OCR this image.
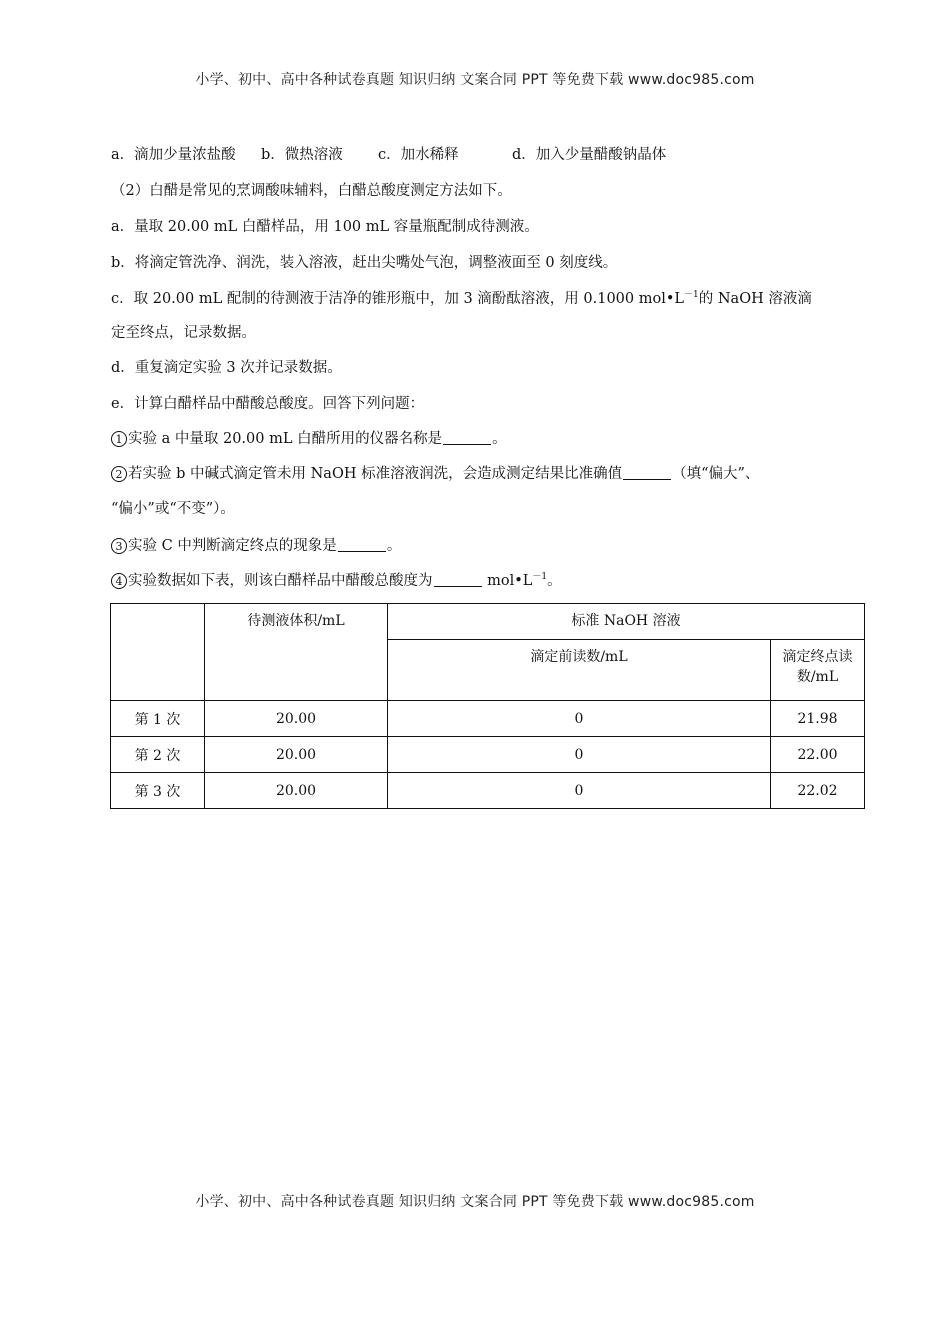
小学、初中、高中各种试卷真题 知识归纳 文案合同 PPT 等免费下载 www.doc985.com
a．滴加少量浓盐酸 b．微热溶液 c．加水稀释	d．加入少量醋酸钠晶体
（2）白醋是常见的烹调酸味辅料，白醋总酸度测定方法如下。
a．量取 20.00 mL 白醋样品，用 100 mL 容量瓶配制成待测液。
b．将滴定管洗净、润洗，装入溶液，赶出尖嘴处气泡，调整液面至 0 刻度线。
c．取 20.00 mL 配制的待测液于洁净的锥形瓶中，加 3 滴酚酞溶液，用 0.1000 $mol•L^{-1}$的 NaOH 溶液滴
定至终点，记录数据。
d．重复滴定实验 3 次并记录数据。
e．计算白醋样品中醋酸总酸度。回答下列问题：
1 实验 a 中量取 20.00 mL 白醋所用的仪器名称是	。
2 若实验 b 中碱式滴定管未用 NaOH 标准溶液润洗，会造成测定结果比准确值	（填“偏大”、
“偏小”或“不变”）。
3 实验 C 中判断滴定终点的现象是	。
4 实验数据如下表，则该白醋样品中醋酸总酸度为	$mol•L^{-1}$。
	待测液体积/mL	标准 NaOH 溶液	

		滴定前读数/mL	滴定终点读
数/mL
第 1 次	20.00	0	21.98
第 2 次	20.00	0	22.00
第 3 次	20.00	0	22.02
小学、初中、高中各种试卷真题 知识归纳 文案合同 PPT 等免费下载 www.doc985.com
